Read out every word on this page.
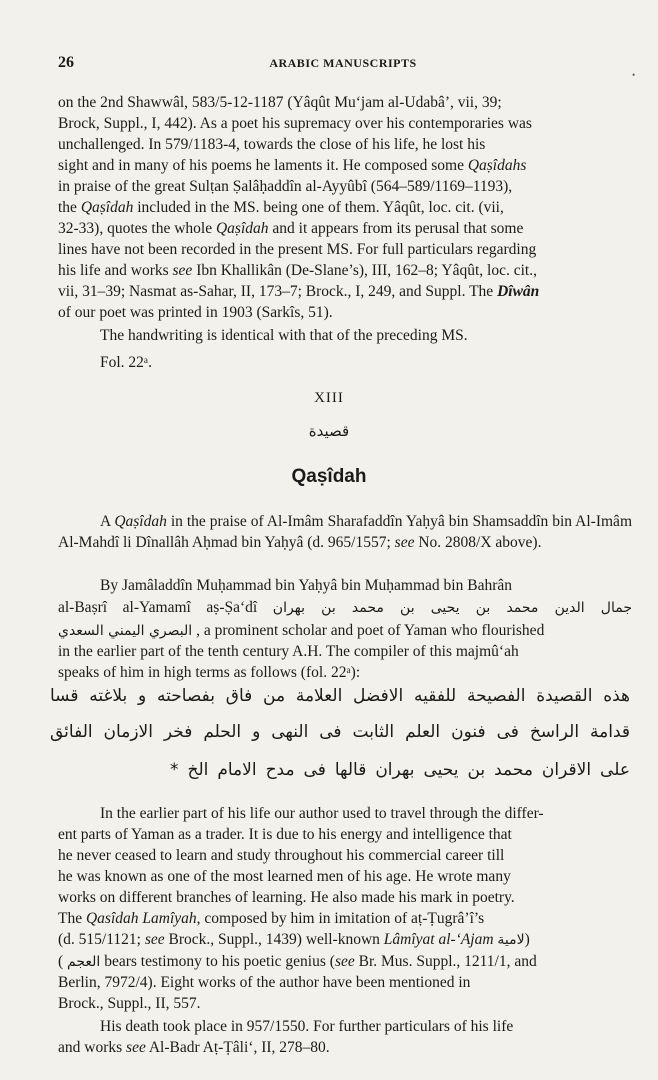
26	ARABIC MANUSCRIPTS
•

on the 2nd Shawwâl, 583/5-12-1187 (Yâqût Mu‘jam al-Udabâ’, vii, 39;

Brock, Suppl., I, 442). As a poet his supremacy over his contemporaries was

unchallenged. In 579/1183-4, towards the close of his life, he lost his

sight and in many of his poems he laments it. He composed some Qaṣîdahs

in praise of the great Sulṭan Ṣalâḥaddîn al-Ayyûbî (564–589/1169–1193),

the Qaṣîdah included in the MS. being one of them. Yâqût, loc. cit. (vii,

32-33), quotes the whole Qaṣîdah and it appears from its perusal that some

lines have not been recorded in the present MS. For full particulars regarding

his life and works see Ibn Khallikân (De-Slane’s), III, 162–8; Yâqût, loc. cit.,

vii, 31–39; Nasmat as-Sahar, II, 173–7; Brock., I, 249, and Suppl. The Dîwân

of our poet was printed in 1903 (Sarkîs, 51).

The handwriting is identical with that of the preceding MS.

Fol. 22ᵃ.

XIII
قصيدة
Qaṣîdah

A Qaṣîdah in the praise of Al-Imâm Sharafaddîn Yaḥyâ bin Shamsaddîn bin Al-Imâm Al-Mahdî li Dînallâh Aḥmad bin Yaḥyâ (d. 965/1557; see No. 2808/X above).

By Jamâladdîn Muḥammad bin Yaḥyâ bin Muḥammad bin Bahrân

al-Baṣrî al-Yamamî aṣ-Ṣa‘dî جمال الدين محمد بن يحيى بن محمد بن بهران

البصري اليمني السعدي , a prominent scholar and poet of Yaman who flourished

in the earlier part of the tenth century A.H. The compiler of this majmû‘ah

speaks of him in high terms as follows (fol. 22ᵃ):

هذه القصيدة الفصيحة للفقيه الافضل العلامة من فاق بفصاحته و بلاغته قسا

قدامة الراسخ فى فنون العلم الثابت فى النهى و الحلم فخر الازمان الفائق

على الاقران محمد بن يحيى بهران قالها فى مدح الامام الخ *

In the earlier part of his life our author used to travel through the differ-

ent parts of Yaman as a trader. It is due to his energy and intelligence that

he never ceased to learn and study throughout his commercial career till

he was known as one of the most learned men of his age. He wrote many

works on different branches of learning. He also made his mark in poetry.

The Qasîdah Lamîyah, composed by him in imitation of aṭ-Ṭugrâ’î’s

(d. 515/1121; see Brock., Suppl., 1439) well-known Lâmîyat al-‘Ajam لامية)

( العجم bears testimony to his poetic genius (see Br. Mus. Suppl., 1211/1, and

Berlin, 7972/4). Eight works of the author have been mentioned in

Brock., Suppl., II, 557.

His death took place in 957/1550. For further particulars of his life

and works see Al-Badr Aṭ-Ṭâli‘, II, 278–80.
